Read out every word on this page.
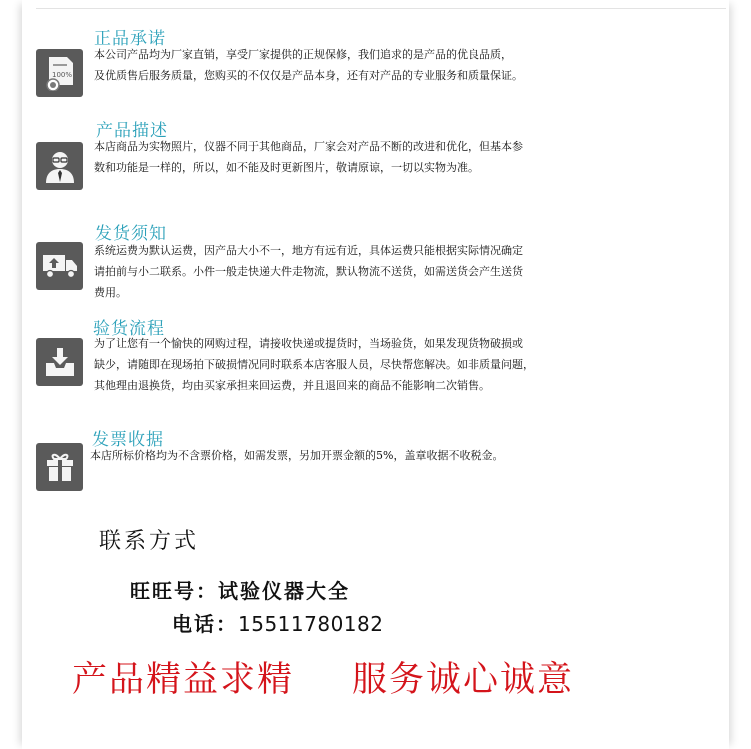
100%
正品承诺
本公司产品均为厂家直销，享受厂家提供的正规保修，我们追求的是产品的优良品质，
及优质售后服务质量，您购买的不仅仅是产品本身，还有对产品的专业服务和质量保证。
产品描述
本店商品为实物照片，仪器不同于其他商品，厂家会对产品不断的改进和优化，但基本参
数和功能是一样的，所以，如不能及时更新图片，敬请原谅，一切以实物为准。
发货须知
系统运费为默认运费，因产品大小不一，地方有远有近，具体运费只能根据实际情况确定
请拍前与小二联系。小件一般走快递大件走物流，默认物流不送货，如需送货会产生送货
费用。
验货流程
为了让您有一个愉快的网购过程，请接收快递或提货时，当场验货，如果发现货物破损或
缺少，请随即在现场拍下破损情况同时联系本店客服人员，尽快帮您解决。如非质量问题，
其他理由退换货，均由买家承担来回运费，并且退回来的商品不能影响二次销售。
发票收据
本店所标价格均为不含票价格，如需发票，另加开票金额的5%，盖章收据不收税金。
联系方式
旺旺号：试验仪器大全
电话：15511780182
产品精益求精 服务诚心诚意
